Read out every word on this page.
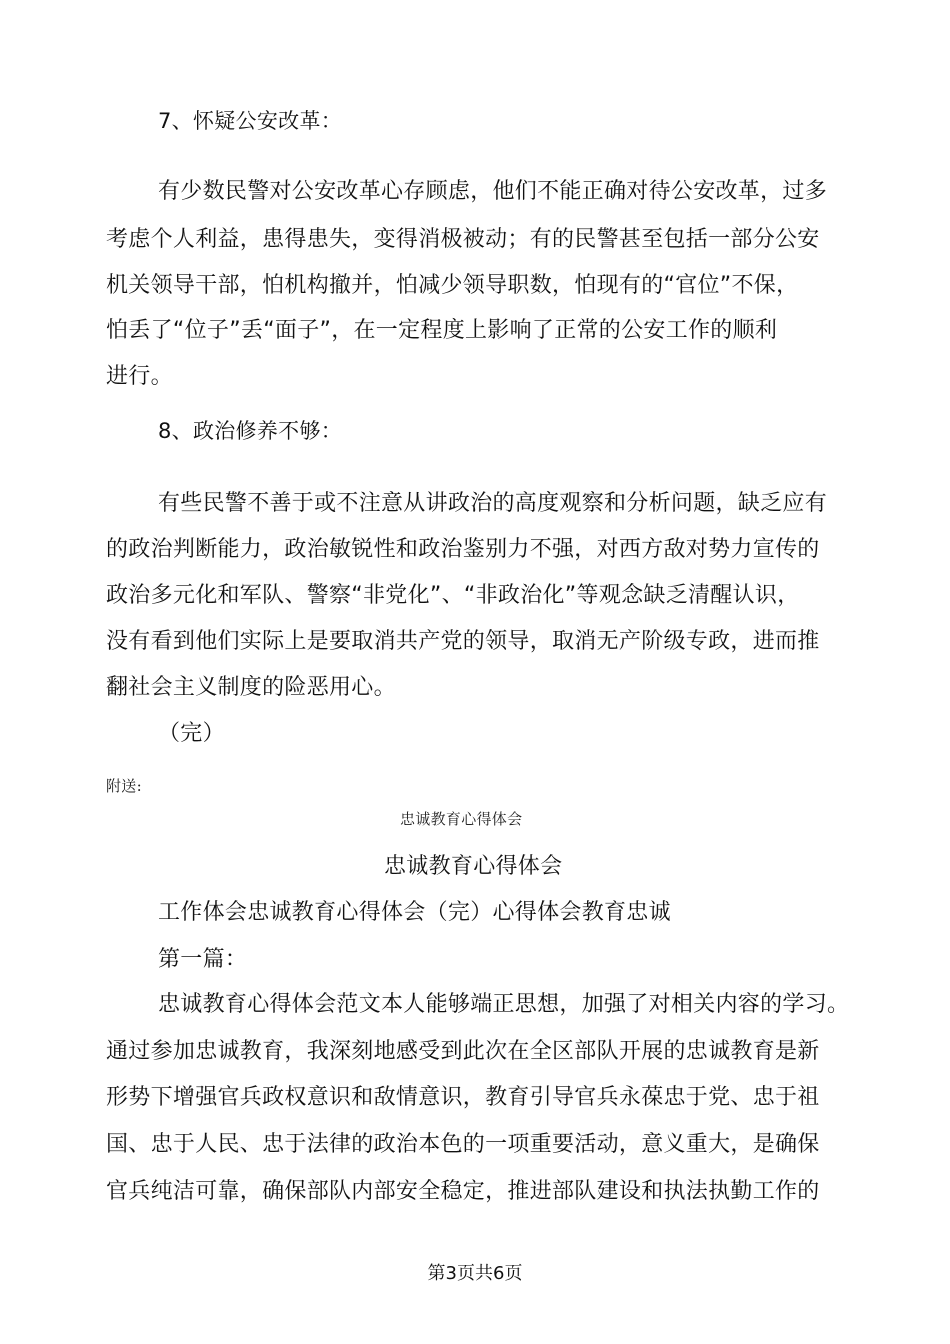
7、怀疑公安改革：
有少数民警对公安改革心存顾虑，他们不能正确对待公安改革，过多
考虑个人利益，患得患失，变得消极被动；有的民警甚至包括一部分公安
机关领导干部，怕机构撤并，怕减少领导职数，怕现有的“官位”不保，
怕丢了“位子”丢“面子”，在一定程度上影响了正常的公安工作的顺利
进行。
8、政治修养不够：
有些民警不善于或不注意从讲政治的高度观察和分析问题，缺乏应有
的政治判断能力，政治敏锐性和政治鉴别力不强，对西方敌对势力宣传的
政治多元化和军队、警察“非党化”、“非政治化”等观念缺乏清醒认识，
没有看到他们实际上是要取消共产党的领导，取消无产阶级专政，进而推
翻社会主义制度的险恶用心。
（完）
附送:
忠诚教育心得体会
忠诚教育心得体会
工作体会忠诚教育心得体会（完）心得体会教育忠诚
第一篇：
忠诚教育心得体会范文本人能够端正思想，加强了对相关内容的学习。
通过参加忠诚教育，我深刻地感受到此次在全区部队开展的忠诚教育是新
形势下增强官兵政权意识和敌情意识，教育引导官兵永葆忠于党、忠于祖
国、忠于人民、忠于法律的政治本色的一项重要活动，意义重大，是确保
官兵纯洁可靠，确保部队内部安全稳定，推进部队建设和执法执勤工作的
第3页共6页
